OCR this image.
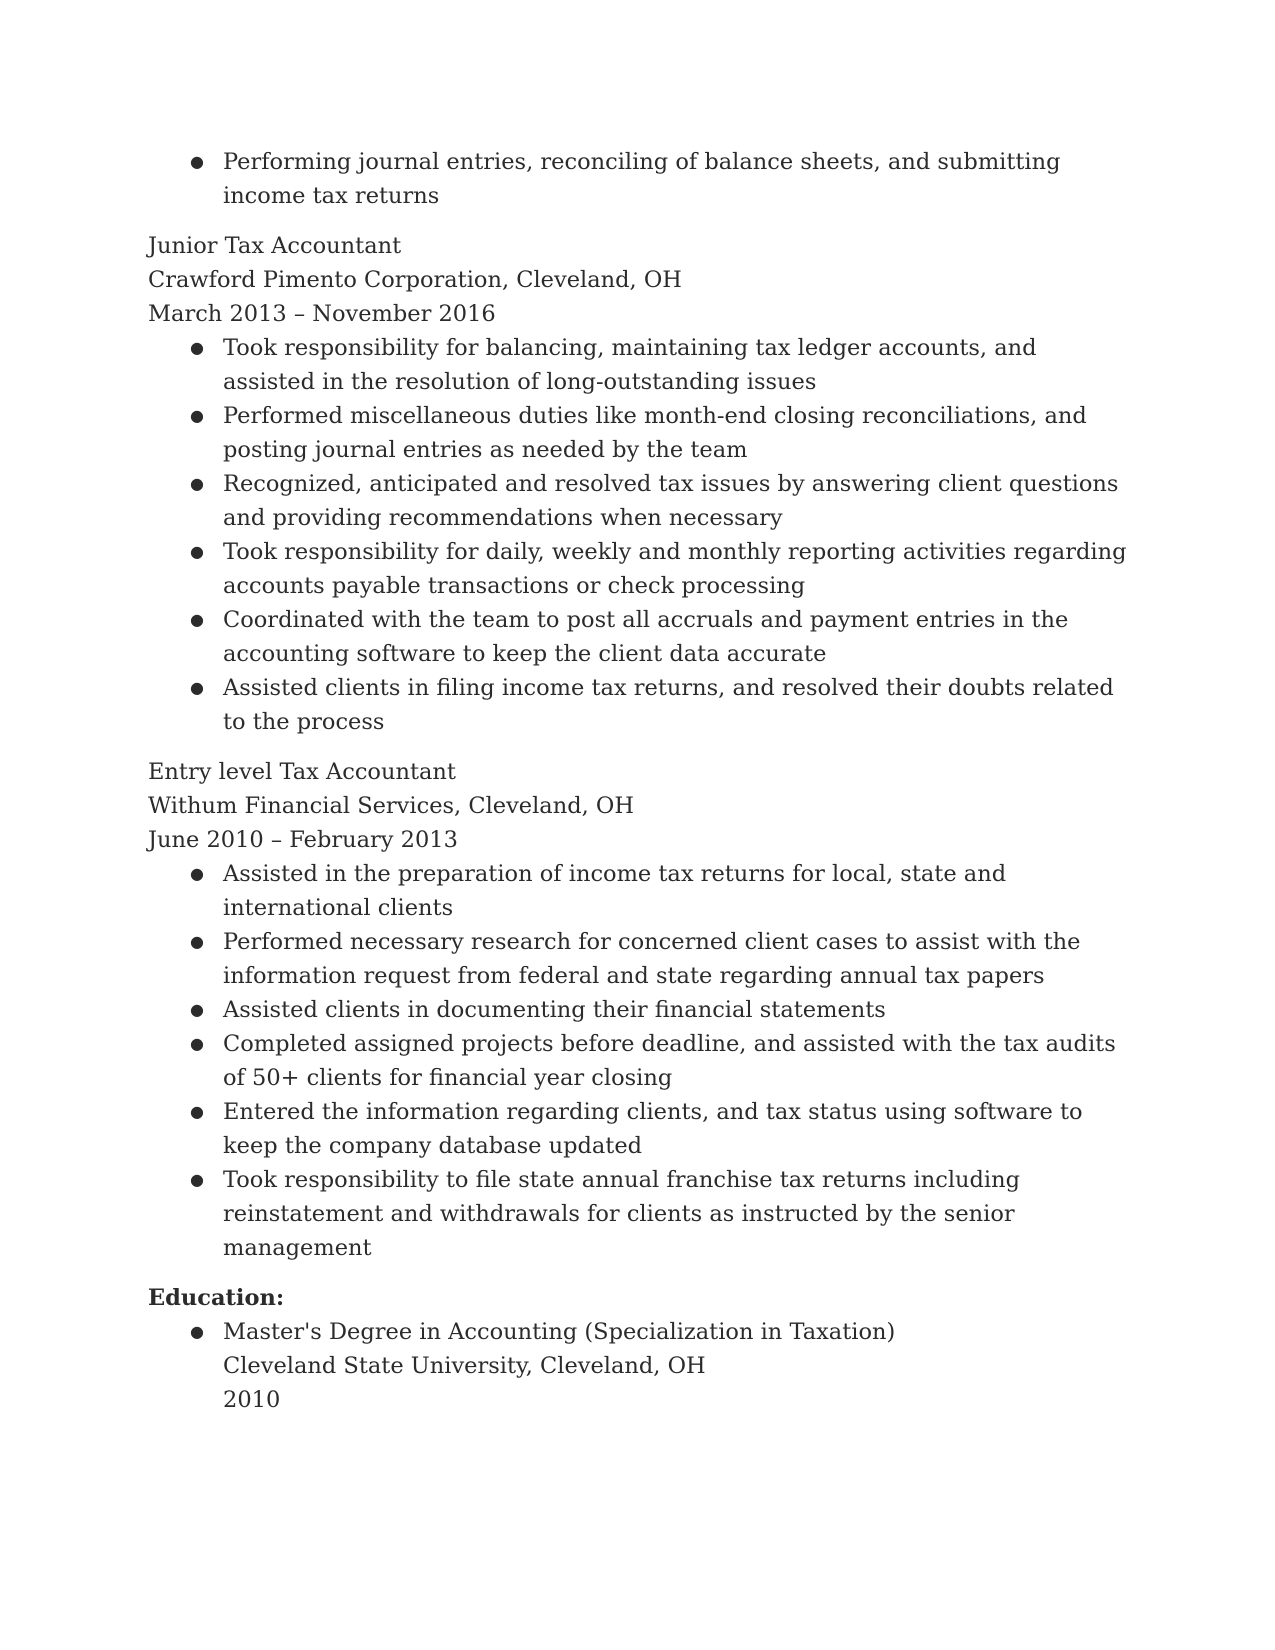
● Performing journal entries, reconciling of balance sheets, and submitting income tax returns
Junior Tax Accountant
Crawford Pimento Corporation, Cleveland, OH
March 2013 – November 2016
● Took responsibility for balancing, maintaining tax ledger accounts, and assisted in the resolution of long-outstanding issues
● Performed miscellaneous duties like month-end closing reconciliations, and posting journal entries as needed by the team
● Recognized, anticipated and resolved tax issues by answering client questions and providing recommendations when necessary
● Took responsibility for daily, weekly and monthly reporting activities regarding accounts payable transactions or check processing
● Coordinated with the team to post all accruals and payment entries in the accounting software to keep the client data accurate
● Assisted clients in filing income tax returns, and resolved their doubts related to the process
Entry level Tax Accountant
Withum Financial Services, Cleveland, OH
June 2010 – February 2013
● Assisted in the preparation of income tax returns for local, state and international clients
● Performed necessary research for concerned client cases to assist with the information request from federal and state regarding annual tax papers
● Assisted clients in documenting their financial statements
● Completed assigned projects before deadline, and assisted with the tax audits of 50+ clients for financial year closing
● Entered the information regarding clients, and tax status using software to keep the company database updated
● Took responsibility to file state annual franchise tax returns including reinstatement and withdrawals for clients as instructed by the senior management
Education:
● Master's Degree in Accounting (Specialization in Taxation)
Cleveland State University, Cleveland, OH
2010
